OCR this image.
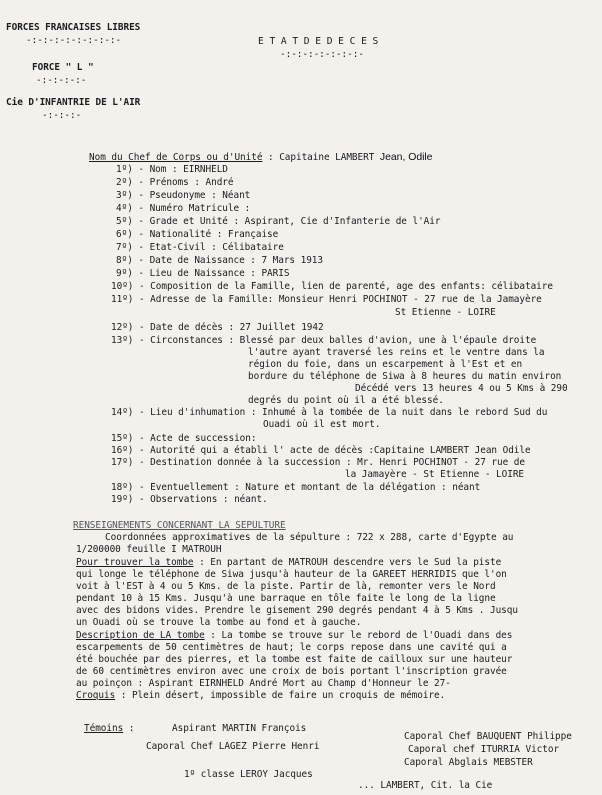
FORCES FRANCAISES LIBRES
-:-:-:-:-:-:-:-:-
FORCE " L "
-:-:-:-:-
Cie D'INFANTRIE DE L'AIR
-:-:-:-
E T A T D E D E C E S
-:-:-:-:-:-:-:-
Nom du Chef de Corps ou d'Unité : Capitaine LAMBERT Jean, Odile
1º) - Nom : EIRNHELD
2º) - Prénoms : André
3º) - Pseudonyme : Néant
4º) - Numéro Matricule :
5º) - Grade et Unité : Aspirant, Cie d'Infanterie de l'Air
6º) - Nationalité : Française
7º) - Etat-Civil : Célibataire
8º) - Date de Naissance : 7 Mars 1913
9º) - Lieu de Naissance : PARIS
10º) - Composition de la Famille, lien de parenté, age des enfants: célibataire
11º) - Adresse de la Famille: Monsieur Henri POCHINOT - 27 rue de la Jamayère
St Etienne - LOIRE
12º) - Date de décès : 27 Juillet 1942
13º) - Circonstances : Blessé par deux balles d'avion, une à l'épaule droite
l'autre ayant traversé les reins et le ventre dans la
région du foie, dans un escarpement à l'Est et en
bordure du téléphone de Siwa à 8 heures du matin environ
Décédé vers 13 heures 4 ou 5 Kms à 290
degrés du point où il a été blessé.
14º) - Lieu d'inhumation : Inhumé à la tombée de la nuit dans le rebord Sud du
Ouadi où il est mort.
15º) - Acte de succession:
16º) - Autorité qui a établi l' acte de décès :Capitaine LAMBERT Jean Odile
17º) - Destination donnée à la succession : Mr. Henri POCHINOT - 27 rue de
la Jamayère - St Etienne - LOIRE
18º) - Eventuellement : Nature et montant de la délégation : néant
19º) - Observations : néant.
RENSEIGNEMENTS CONCERNANT LA SEPULTURE
Coordonnées approximatives de la sépulture : 722 x 288, carte d'Egypte au
1/200000 feuille I MATROUH
Pour trouver la tombe : En partant de MATROUH descendre vers le Sud la piste
qui longe le téléphone de Siwa jusqu'à hauteur de la GAREET HERRIDIS que l'on
voit à l'EST à 4 ou 5 Kms. de la piste. Partir de là, remonter vers le Nord
pendant 10 à 15 Kms. Jusqu'à une barraque en tôle faite le long de la ligne
avec des bidons vides. Prendre le gisement 290 degrés pendant 4 à 5 Kms . Jusqu
un Ouadi où se trouve la tombe au fond et à gauche.
Description de LA tombe : La tombe se trouve sur le rebord de l'Ouadi dans des
escarpements de 50 centimètres de haut; le corps repose dans une cavité qui a
été bouchée par des pierres, et la tombe est faite de cailloux sur une hauteur
de 60 centimètres environ avec une croix de bois portant l'inscription gravée
au poinçon : Aspirant EIRNHELD André Mort au Champ d'Honneur le 27-
Croquis : Plein désert, impossible de faire un croquis de mémoire.
Témoins :	Aspirant MARTIN François
Caporal Chef LAGEZ Pierre Henri
1º classe LEROY Jacques
Caporal Chef BAUQUENT Philippe
Caporal chef ITURRIA Victor
Caporal Abglais MEBSTER
... LAMBERT, Cit. la Cie
